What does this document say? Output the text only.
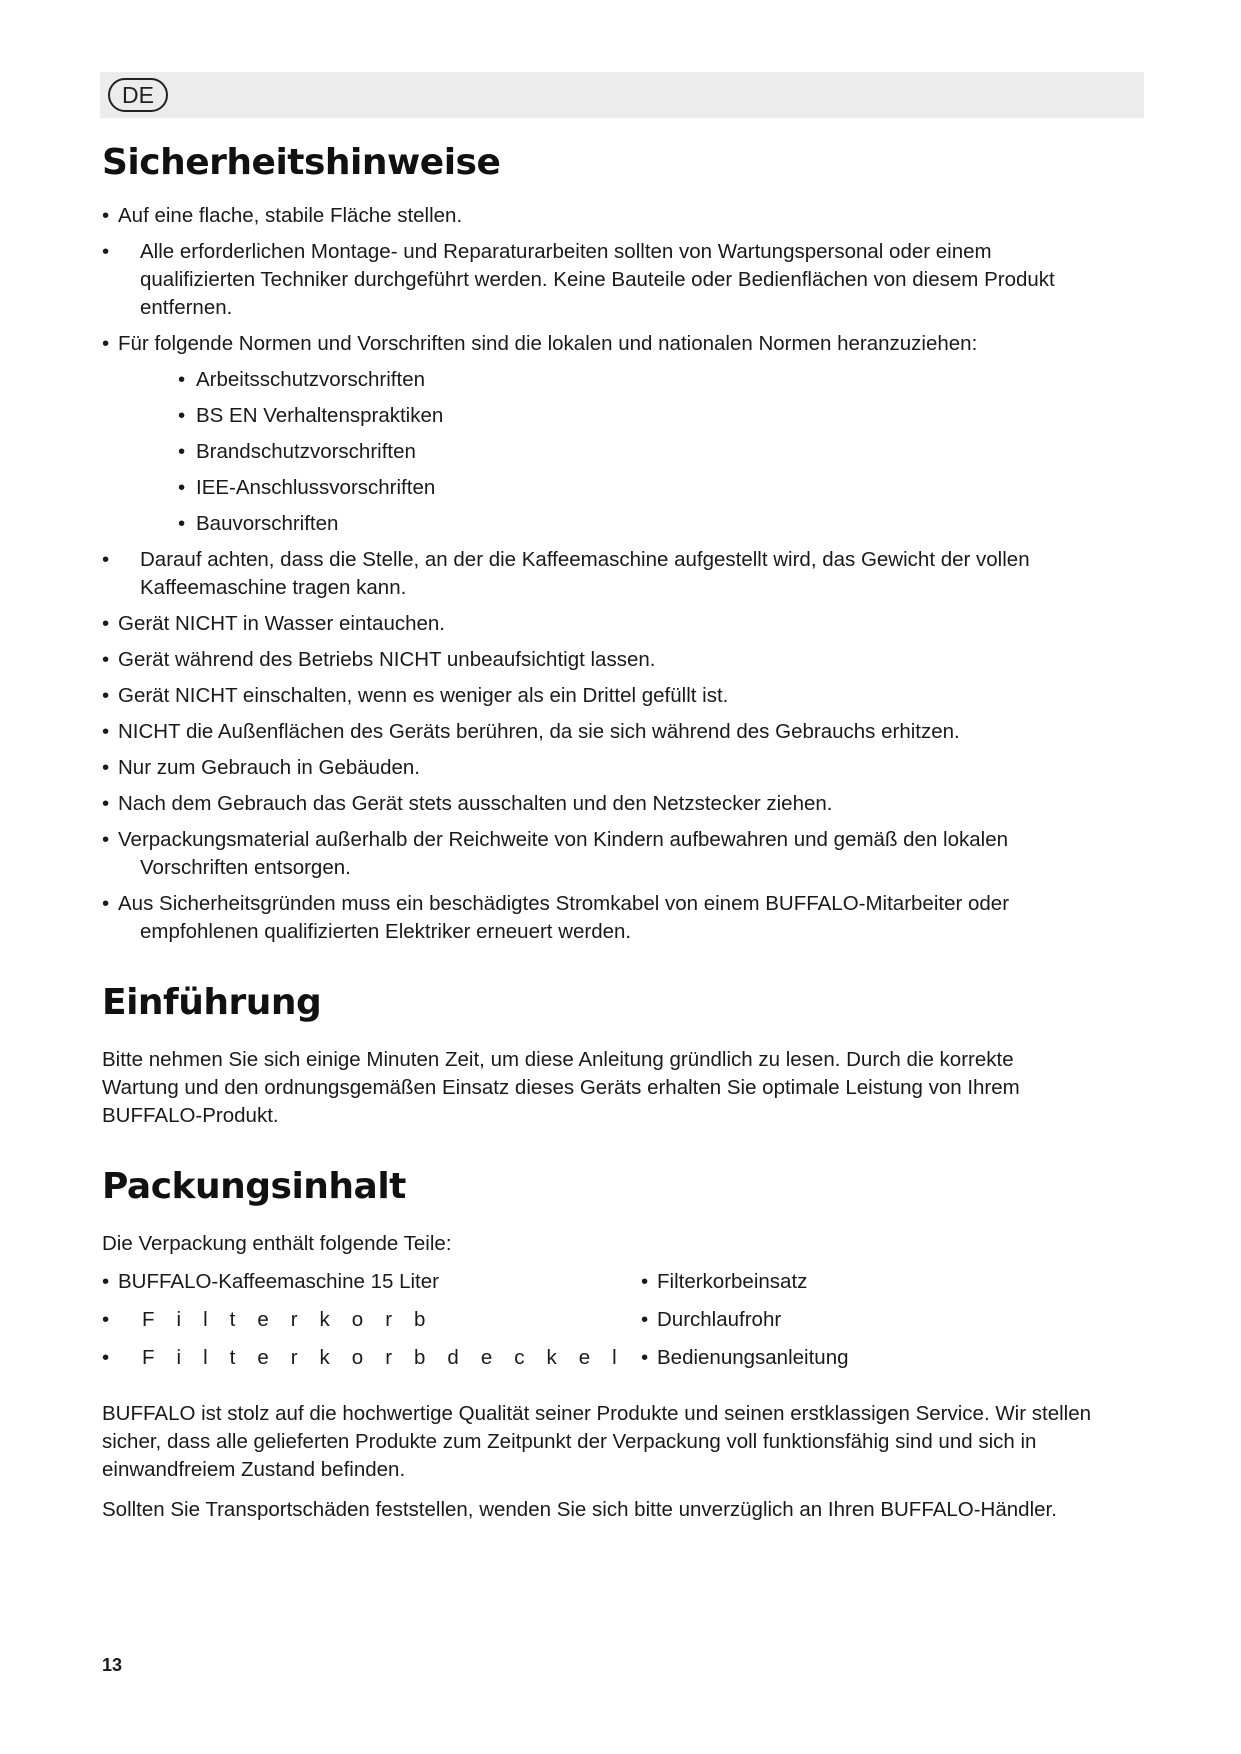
DE
Sicherheitshinweise
• Auf eine flache, stabile Fläche stellen.
• Alle erforderlichen Montage- und Reparaturarbeiten sollten von Wartungspersonal oder einem
qualifizierten Techniker durchgeführt werden. Keine Bauteile oder Bedienflächen von diesem Produkt
entfernen.
• Für folgende Normen und Vorschriften sind die lokalen und nationalen Normen heranzuziehen:
• Arbeitsschutzvorschriften
• BS EN Verhaltenspraktiken
• Brandschutzvorschriften
• IEE-Anschlussvorschriften
• Bauvorschriften
• Darauf achten, dass die Stelle, an der die Kaffeemaschine aufgestellt wird, das Gewicht der vollen
Kaffeemaschine tragen kann.
• Gerät NICHT in Wasser eintauchen.
• Gerät während des Betriebs NICHT unbeaufsichtigt lassen.
• Gerät NICHT einschalten, wenn es weniger als ein Drittel gefüllt ist.
• NICHT die Außenflächen des Geräts berühren, da sie sich während des Gebrauchs erhitzen.
• Nur zum Gebrauch in Gebäuden.
• Nach dem Gebrauch das Gerät stets ausschalten und den Netzstecker ziehen.
• Verpackungsmaterial außerhalb der Reichweite von Kindern aufbewahren und gemäß den lokalen
Vorschriften entsorgen.
• Aus Sicherheitsgründen muss ein beschädigtes Stromkabel von einem BUFFALO-Mitarbeiter oder
empfohlenen qualifizierten Elektriker erneuert werden.
Einführung
Bitte nehmen Sie sich einige Minuten Zeit, um diese Anleitung gründlich zu lesen. Durch die korrekte
Wartung und den ordnungsgemäßen Einsatz dieses Geräts erhalten Sie optimale Leistung von Ihrem
BUFFALO-Produkt.
Packungsinhalt
Die Verpackung enthält folgende Teile:
• BUFFALO-Kaffeemaschine 15 Liter
• Filterkorb
• Filterkorbdeckel
• Filterkorbeinsatz
• Durchlaufrohr
• Bedienungsanleitung
BUFFALO ist stolz auf die hochwertige Qualität seiner Produkte und seinen erstklassigen Service. Wir stellen
sicher, dass alle gelieferten Produkte zum Zeitpunkt der Verpackung voll funktionsfähig sind und sich in
einwandfreiem Zustand befinden.
Sollten Sie Transportschäden feststellen, wenden Sie sich bitte unverzüglich an Ihren BUFFALO-Händler.
13
